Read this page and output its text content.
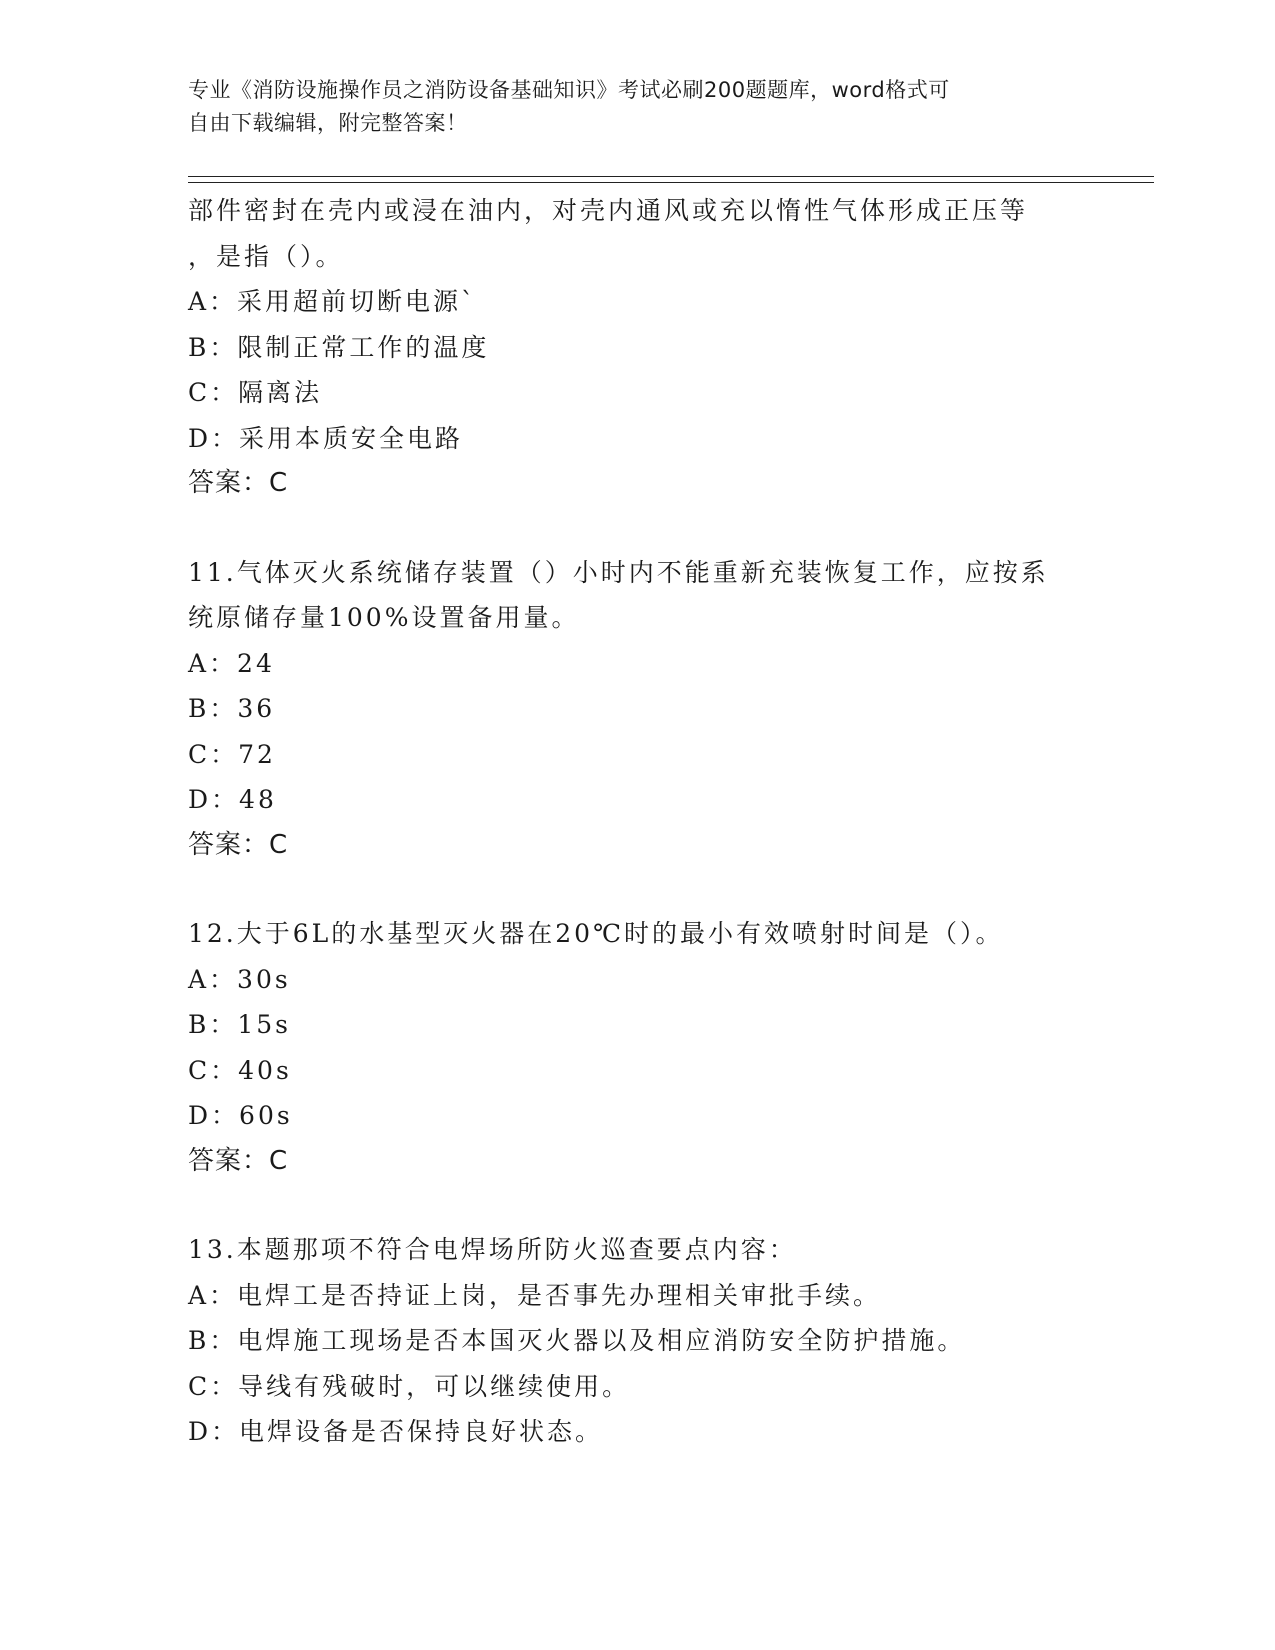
专业《消防设施操作员之消防设备基础知识》考试必刷200题题库，word格式可
自由下载编辑，附完整答案！
部件密封在壳内或浸在油内，对壳内通风或充以惰性气体形成正压等
，是指（）。
A：采用超前切断电源`
B：限制正常工作的温度
C：隔离法
D：采用本质安全电路
答案：C
11.气体灭火系统储存装置（）小时内不能重新充装恢复工作，应按系
统原储存量100%设置备用量。
A：24
B：36
C：72
D：48
答案：C
12.大于6L的水基型灭火器在20℃时的最小有效喷射时间是（）。
A：30s
B：15s
C：40s
D：60s
答案：C
13.本题那项不符合电焊场所防火巡查要点内容：
A：电焊工是否持证上岗，是否事先办理相关审批手续。
B：电焊施工现场是否本国灭火器以及相应消防安全防护措施。
C：导线有残破时，可以继续使用。
D：电焊设备是否保持良好状态。
